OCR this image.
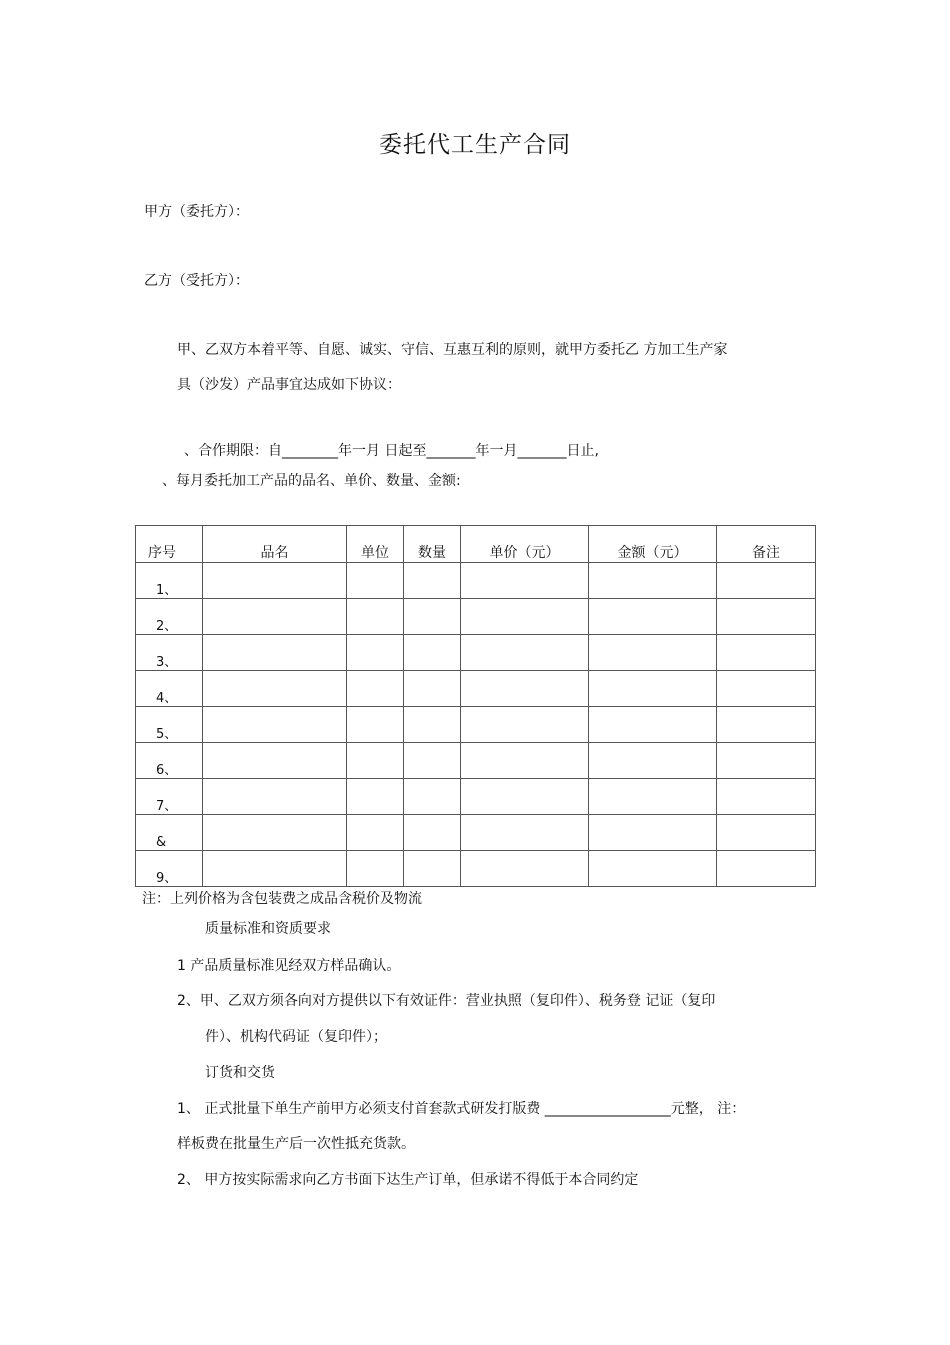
委托代工生产合同
甲方（委托方）：
乙方（受托方）：
甲、乙双方本着平等、自愿、诚实、守信、互惠互利的原则，就甲方委托乙 方加工生产家
具（沙发）产品事宜达成如下协议：
、合作期限：自________年一月 日起至_______年一月_______日止,
、每月委托加工产品的品名、单价、数量、金额:
序号	品名	单位	数量	单价（元）	金额（元）	备注
1、						
2、						
3、						
4、						
5、						
6、						
7、						
&						
9、						
注：上列价格为含包装费之成品含税价及物流
质量标准和资质要求
1 产品质量标准见经双方样品确认。
2、甲、乙双方须各向对方提供以下有效证件：营业执照（复印件）、税务登 记证（复印
件）、机构代码证（复印件）；
订货和交货
1、 正式批量下单生产前甲方必须支付首套款式研发打版费 __________________元整， 注：
样板费在批量生产后一次性抵充货款。
2、 甲方按实际需求向乙方书面下达生产订单，但承诺不得低于本合同约定
